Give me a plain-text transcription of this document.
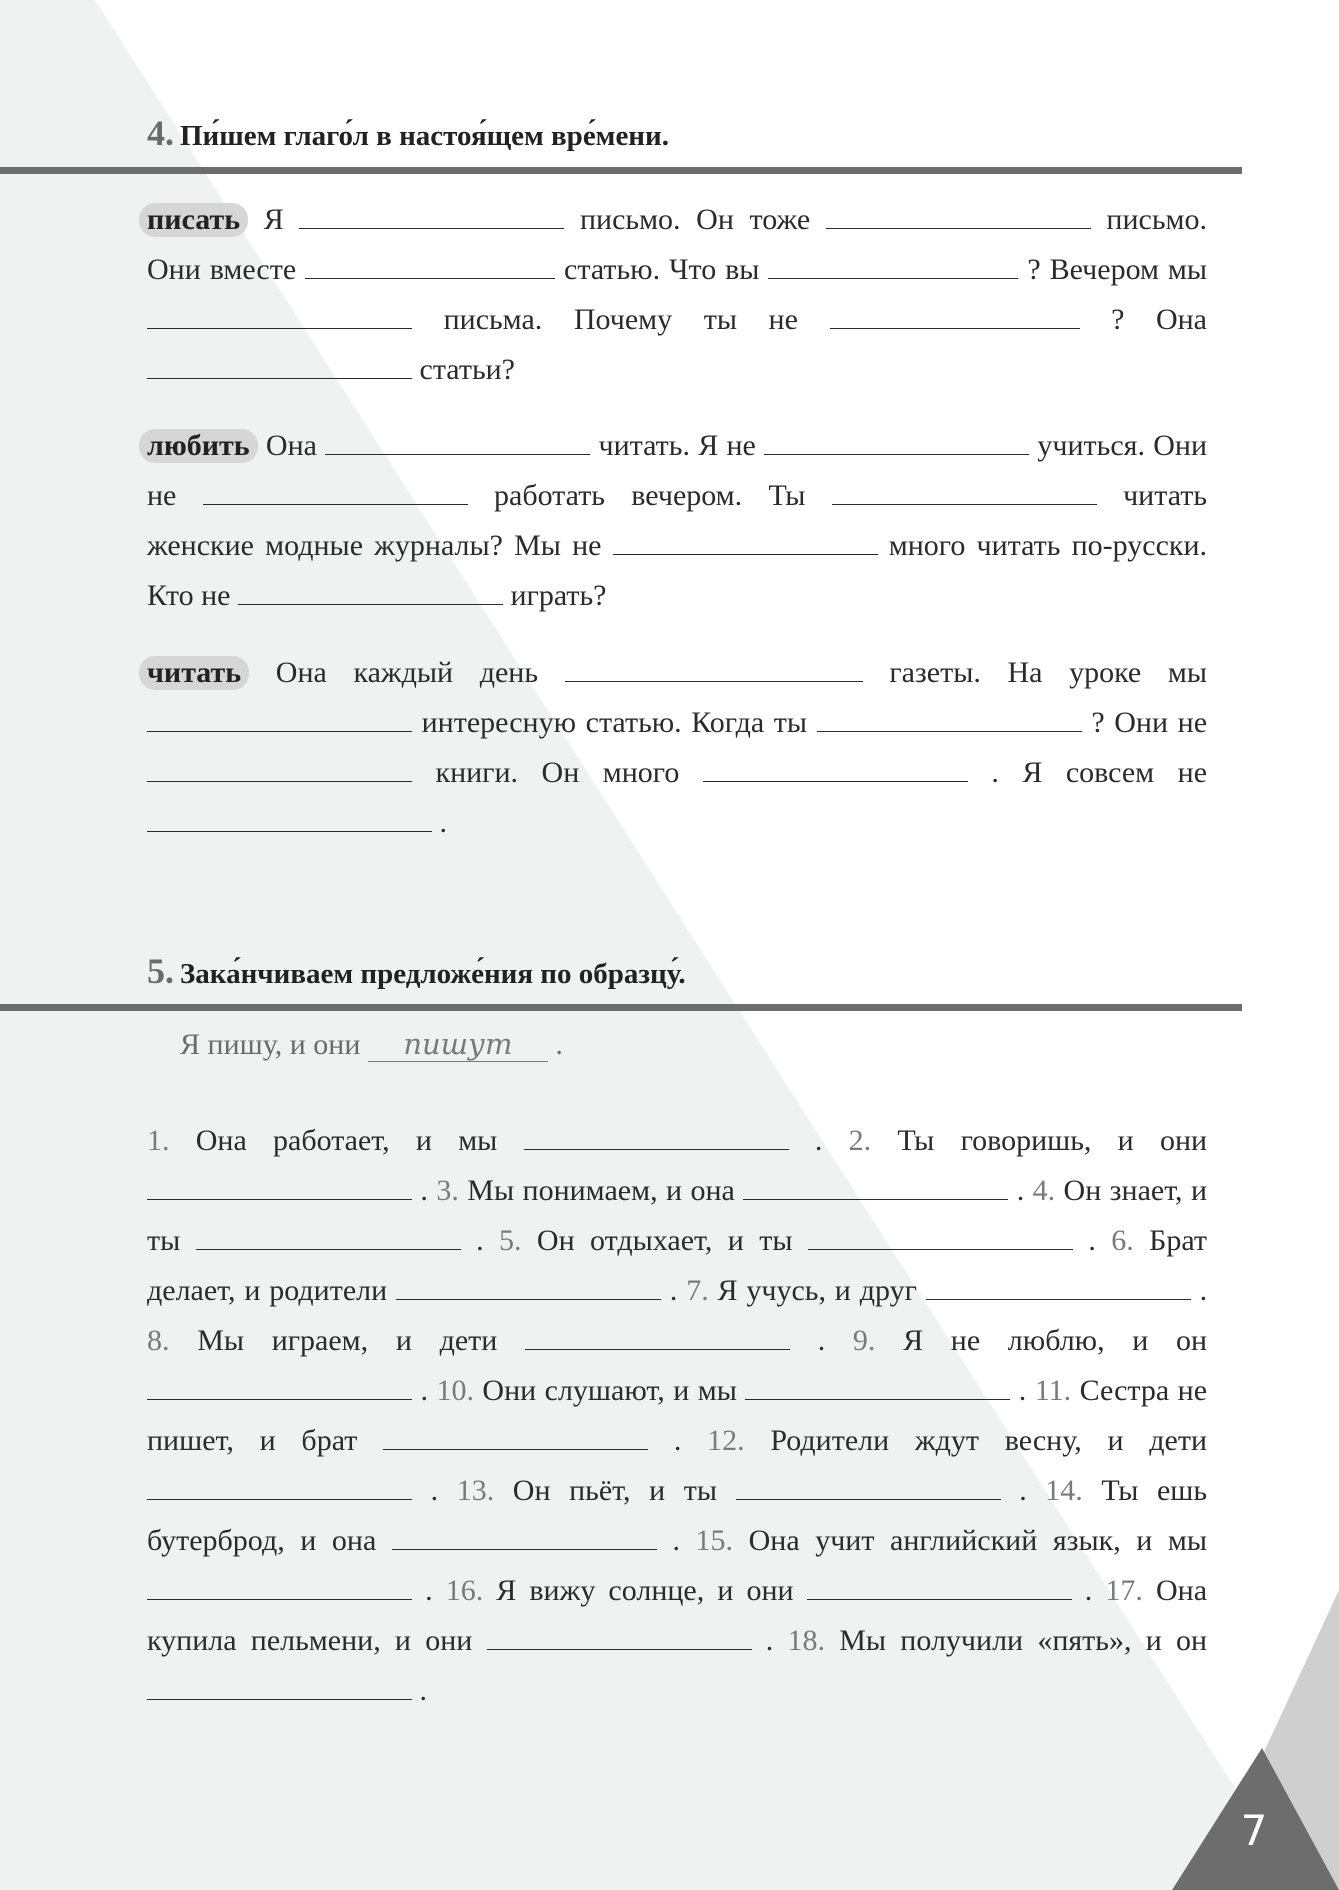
4. Пи́шем глаго́л в настоя́щем вре́мени.
писать Я	письмо. Он тоже	письмо. Они вместе	статью. Что вы	? Вечером мы  письма. Почему ты не	? Она  статьи?
любить Она	читать. Я не	учиться. Они не	работать вечером. Ты	читать женские модные журналы? Мы не	много читать по-русски. Кто не	играть?
читать Она каждый день	газеты. На уроке мы  интересную статью. Когда ты	? Они не  книги. Он много	. Я совсем не  .
5. Зака́нчиваем предложе́ния по образцу́.
Я пишу, и они пишут .
1. Она работает, и мы	. 2. Ты говоришь, и они  . 3. Мы понимаем, и она	. 4. Он знает, и ты	. 5. Он отдыхает, и ты	. 6. Брат делает, и родители	. 7. Я учусь, и друг	. 8. Мы играем, и дети	. 9. Я не люблю, и он  . 10. Они слушают, и мы	. 11. Сестра не пишет, и брат	. 12. Родители ждут весну, и дети  . 13. Он пьёт, и ты	. 14. Ты ешь бутерброд, и она	. 15. Она учит английский язык, и мы  . 16. Я вижу солнце, и они	. 17. Она купила пельмени, и они	. 18. Мы получили «пять», и он  .
7
